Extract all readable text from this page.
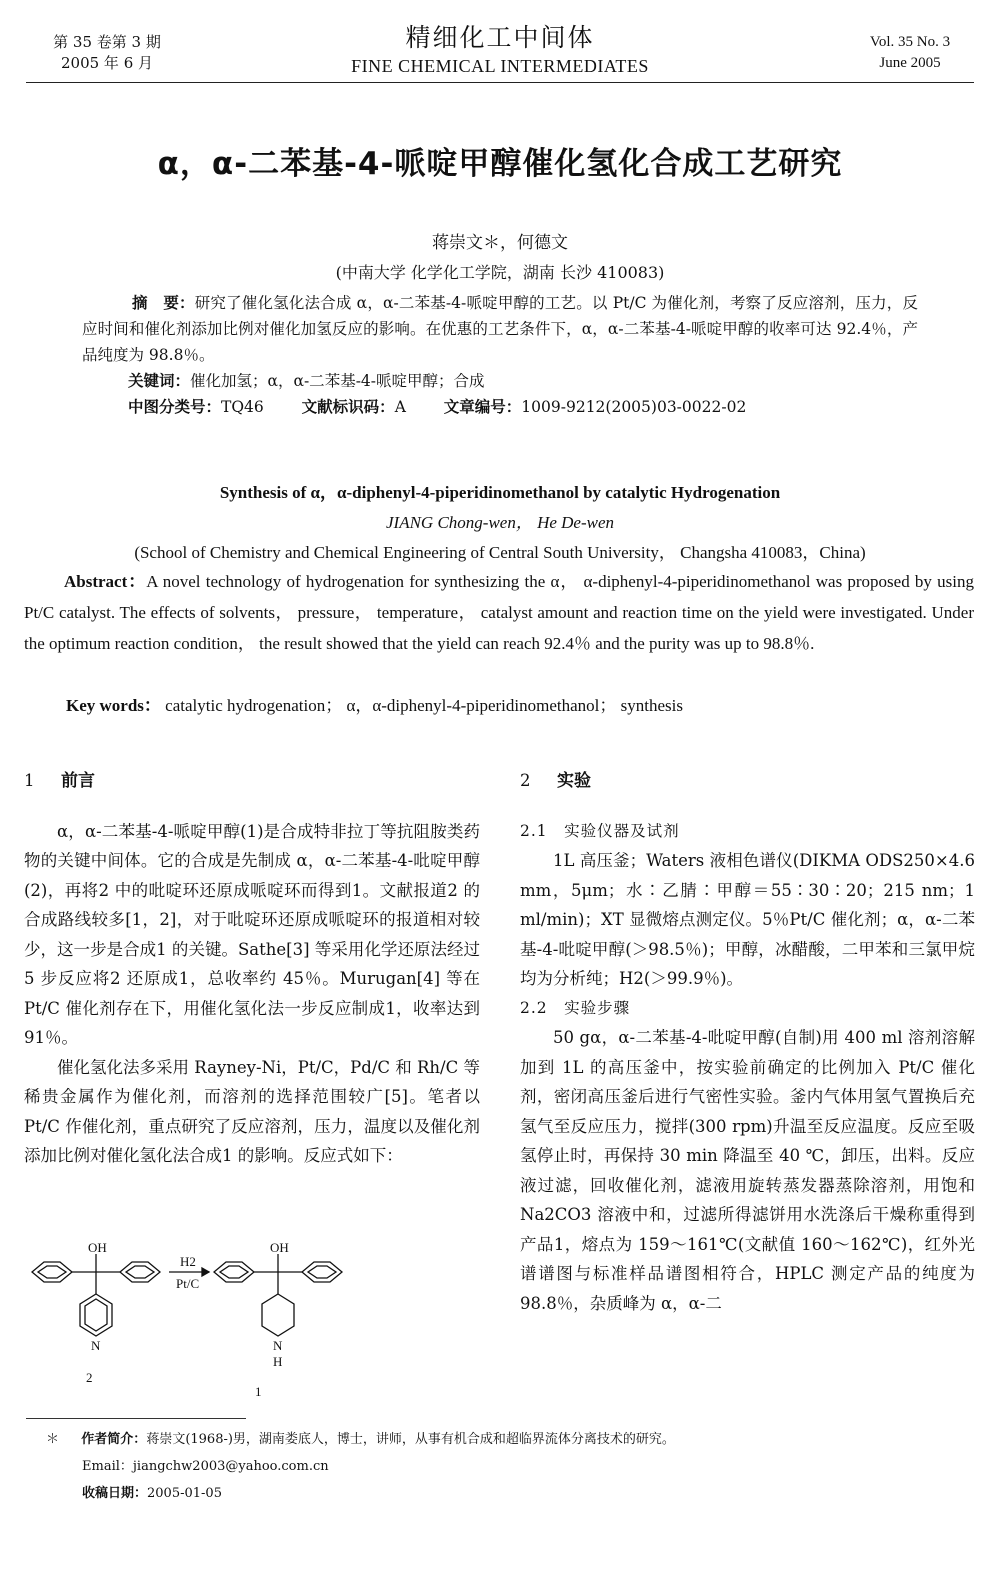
第 35 卷第 3 期
2005 年 6 月
精细化工中间体
FINE CHEMICAL INTERMEDIATES
Vol. 35 No. 3
June 2005
α，α-二苯基-4-哌啶甲醇催化氢化合成工艺研究
蒋崇文＊，何德文
(中南大学 化学化工学院，湖南 长沙 410083)
摘　要：研究了催化氢化法合成 α，α-二苯基-4-哌啶甲醇的工艺。以 Pt/C 为催化剂，考察了反应溶剂，压力，反应时间和催化剂添加比例对催化加氢反应的影响。在优惠的工艺条件下，α，α-二苯基-4-哌啶甲醇的收率可达 92.4％，产品纯度为 98.8％。
关键词：催化加氢；α，α-二苯基-4-哌啶甲醇；合成
中图分类号：TQ46 文献标识码：A 文章编号：1009-9212(2005)03-0022-02
Synthesis of α，α-diphenyl-4-piperidinomethanol by catalytic Hydrogenation
JIANG Chong-wen， He De-wen
(School of Chemistry and Chemical Engineering of Central South University， Changsha 410083，China)
Abstract：A novel technology of hydrogenation for synthesizing the α， α-diphenyl-4-piperidinomethanol was proposed by using Pt/C catalyst. The effects of solvents， pressure， temperature， catalyst amount and reaction time on the yield were investigated. Under the optimum reaction condition， the result showed that the yield can reach 92.4％ and the purity was up to 98.8％.
Key words： catalytic hydrogenation； α，α-diphenyl-4-piperidinomethanol； synthesis

1 前言

α，α-二苯基-4-哌啶甲醇(1)是合成特非拉丁等抗阻胺类药物的关键中间体。它的合成是先制成 α，α-二苯基-4-吡啶甲醇(2)，再将2 中的吡啶环还原成哌啶环而得到1。文献报道2 的合成路线较多[1，2]，对于吡啶环还原成哌啶环的报道相对较少，这一步是合成1 的关键。Sathe[3] 等采用化学还原法经过 5 步反应将2 还原成1，总收率约 45％。Murugan[4] 等在 Pt/C 催化剂存在下，用催化氢化法一步反应制成1，收率达到 91％。

催化氢化法多采用 Rayney-Ni，Pt/C，Pd/C 和 Rh/C 等稀贵金属作为催化剂，而溶剂的选择范围较广[5]。笔者以 Pt/C 作催化剂，重点研究了反应溶剂，压力，温度以及催化剂添加比例对催化氢化法合成1 的影响。反应式如下：

OH	OH
H2
Pt/C
N	N
H
2
1

2 实验

2.1　实验仪器及试剂

1L 高压釜；Waters 液相色谱仪(DIKMA ODS250×4.6 mm，5μm；水∶乙腈∶甲醇＝55∶30∶20；215 nm；1 ml/min)；XT 显微熔点测定仪。5％Pt/C 催化剂；α，α-二苯基-4-吡啶甲醇(＞98.5％)；甲醇，冰醋酸，二甲苯和三氯甲烷均为分析纯；H2(＞99.9％)。

2.2　实验步骤

50 gα，α-二苯基-4-吡啶甲醇(自制)用 400 ml 溶剂溶解加到 1L 的高压釜中，按实验前确定的比例加入 Pt/C 催化剂，密闭高压釜后进行气密性实验。釜内气体用氢气置换后充氢气至反应压力，搅拌(300 rpm)升温至反应温度。反应至吸氢停止时，再保持 30 min 降温至 40 ℃，卸压，出料。反应液过滤，回收催化剂，滤液用旋转蒸发器蒸除溶剂，用饱和 Na2CO3 溶液中和，过滤所得滤饼用水洗涤后干燥称重得到产品1，熔点为 159～161℃(文献值 160～162℃)，红外光谱谱图与标准样品谱图相符合，HPLC 测定产品的纯度为 98.8％，杂质峰为 α，α-二

＊ 作者简介：蒋崇文(1968-)男，湖南娄底人，博士，讲师，从事有机合成和超临界流体分离技术的研究。
Email：jiangchw2003@yahoo.com.cn
收稿日期：2005-01-05
